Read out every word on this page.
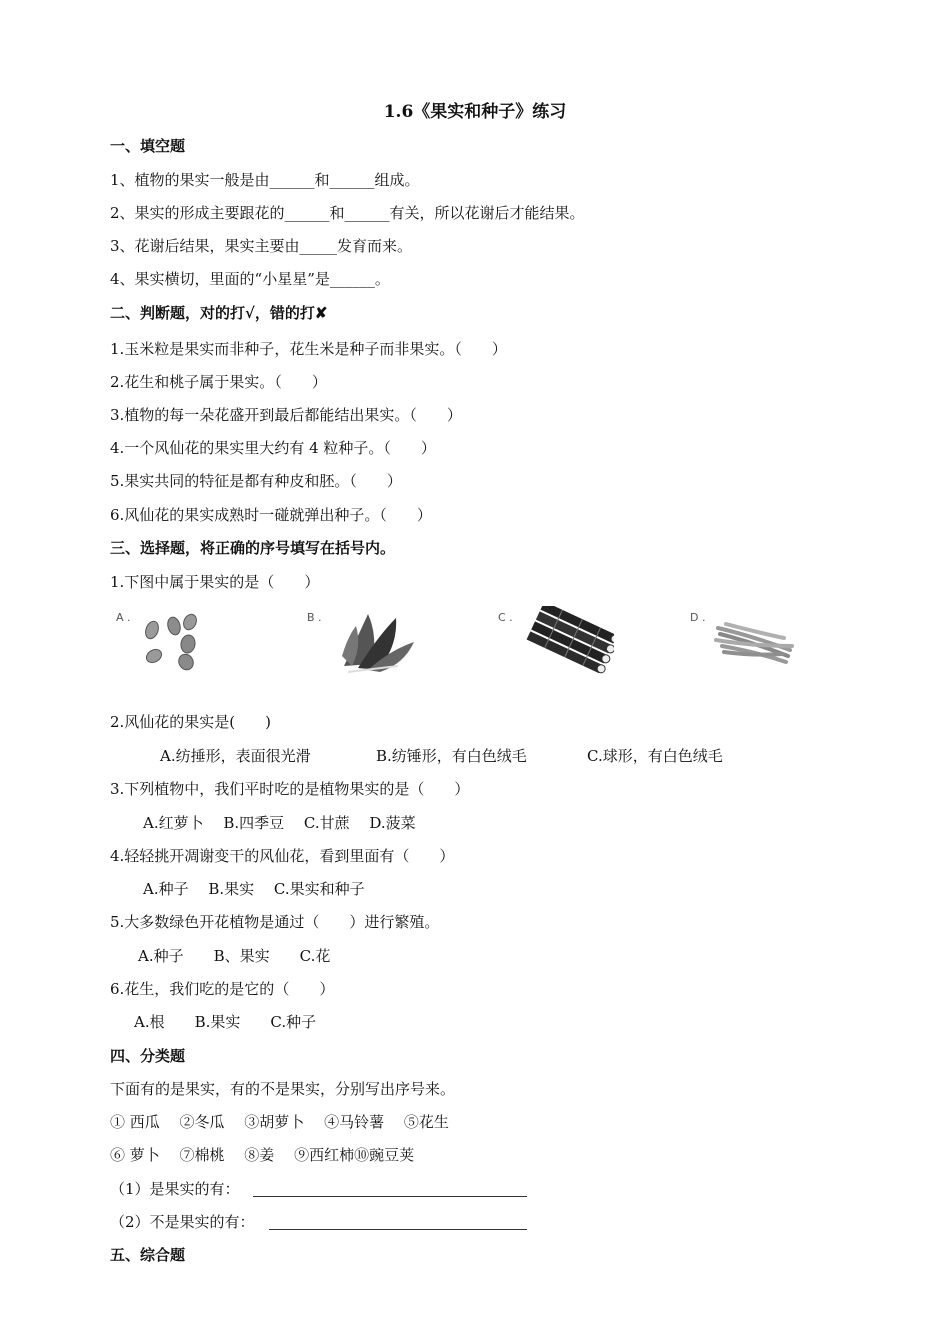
1.6《果实和种子》练习
一、填空题
1、植物的果实一般是由______和______组成。
2、果实的形成主要跟花的______和______有关，所以花谢后才能结果。
3、花谢后结果，果实主要由_____发育而来。
4、果实横切，里面的“小星星”是______。
二、判断题，对的打√，错的打✘
1.玉米粒是果实而非种子，花生米是种子而非果实。（　　）
2.花生和桃子属于果实。（　　）
3.植物的每一朵花盛开到最后都能结出果实。（　　）
4.一个风仙花的果实里大约有 4 粒种子。（　　）
5.果实共同的特征是都有种皮和胚。（　　）
6.风仙花的果实成熟时一碰就弹出种子。（　　）
三、选择题，将正确的序号填写在括号内。
1.下图中属于果实的是（　　）
A .	B .	C .	D .
2.风仙花的果实是(　　)
A.纺捶形，表面很光滑	B.纺锤形，有白色绒毛	C.球形，有白色绒毛
3.下列植物中，我们平时吃的是植物果实的是（　　）
A.红萝卜　 B.四季豆　 C.甘蔗　 D.菠菜
4.轻轻挑开凋谢变干的风仙花，看到里面有（　　）
A.种子　 B.果实　 C.果实和种子
5.大多数绿色开花植物是通过（　　）进行繁殖。
A.种子　　B、果实　　C.花
6.花生，我们吃的是它的（　　）
A.根　　B.果实　　C.种子
四、分类题
下面有的是果实，有的不是果实，分别写出序号来。
① 西瓜　 ②冬瓜　 ③胡萝卜　 ④马铃薯　 ⑤花生
⑥ 萝卜　 ⑦棉桃　 ⑧姜　 ⑨西红柿⑩豌豆荚
（1）是果实的有：
（2）不是果实的有：
五、综合题
